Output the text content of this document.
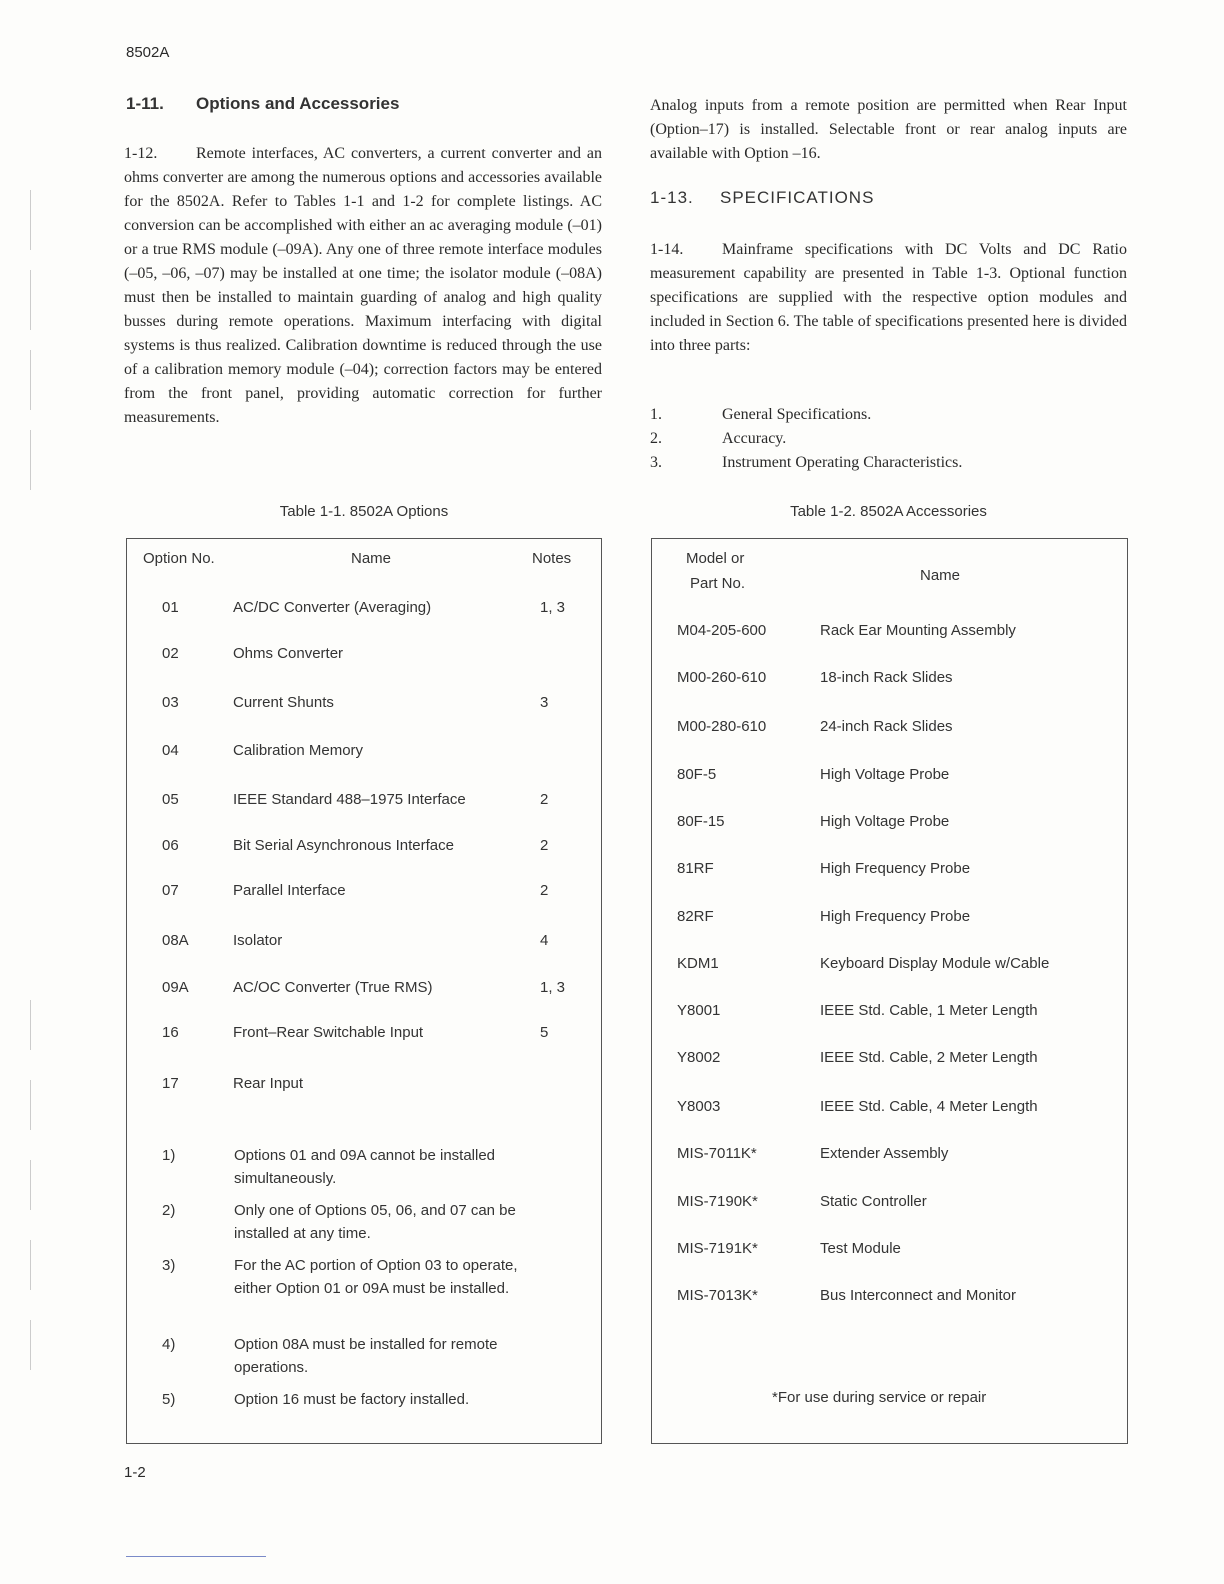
8502A
1-11. Options and Accessories
1-12. Remote interfaces, AC converters, a current converter and an ohms converter are among the numerous options and accessories available for the 8502A. Refer to Tables 1-1 and 1-2 for complete listings. AC conversion can be accomplished with either an ac averaging module (–01) or a true RMS module (–09A). Any one of three remote interface modules (–05, –06, –07) may be installed at one time; the isolator module (–08A) must then be installed to maintain guarding of analog and high quality busses during remote operations. Maximum interfacing with digital systems is thus realized. Calibration downtime is reduced through the use of a calibration memory module (–04); correction factors may be entered from the front panel, providing automatic correction for further measurements.
Analog inputs from a remote position are permitted when Rear Input (Option–17) is installed. Selectable front or rear analog inputs are available with Option –16.
1-13. SPECIFICATIONS
1-14. Mainframe specifications with DC Volts and DC Ratio measurement capability are presented in Table 1-3. Optional function specifications are supplied with the respective option modules and included in Section 6. The table of specifications presented here is divided into three parts:
1.	General Specifications.
2.	Accuracy.
3.	Instrument Operating Characteristics.
Table 1-1. 8502A Options
Option No.	Name	Notes
01	AC/DC Converter (Averaging)	1, 3
02	Ohms Converter
03	Current Shunts	3
04	Calibration Memory
05	IEEE Standard 488–1975 Interface	2
06	Bit Serial Asynchronous Interface	2
07	Parallel Interface	2
08A	Isolator	4
09A	AC/OC Converter (True RMS)	1, 3
16	Front–Rear Switchable Input	5
17	Rear Input
1)	Options 01 and 09A cannot be installed simultaneously.
2)	Only one of Options 05, 06, and 07 can be installed at any time.
3)	For the AC portion of Option 03 to operate, either Option 01 or 09A must be installed.
4)	Option 08A must be installed for remote operations.
5)	Option 16 must be factory installed.
Table 1-2. 8502A Accessories
Model or
Part No.	Name
M04-205-600	Rack Ear Mounting Assembly
M00-260-610	18-inch Rack Slides
M00-280-610	24-inch Rack Slides
80F-5	High Voltage Probe
80F-15	High Voltage Probe
81RF	High Frequency Probe
82RF	High Frequency Probe
KDM1	Keyboard Display Module w/Cable
Y8001	IEEE Std. Cable, 1 Meter Length
Y8002	IEEE Std. Cable, 2 Meter Length
Y8003	IEEE Std. Cable, 4 Meter Length
MIS-7011K*	Extender Assembly
MIS-7190K*	Static Controller
MIS-7191K*	Test Module
MIS-7013K*	Bus Interconnect and Monitor
*For use during service or repair
1-2
